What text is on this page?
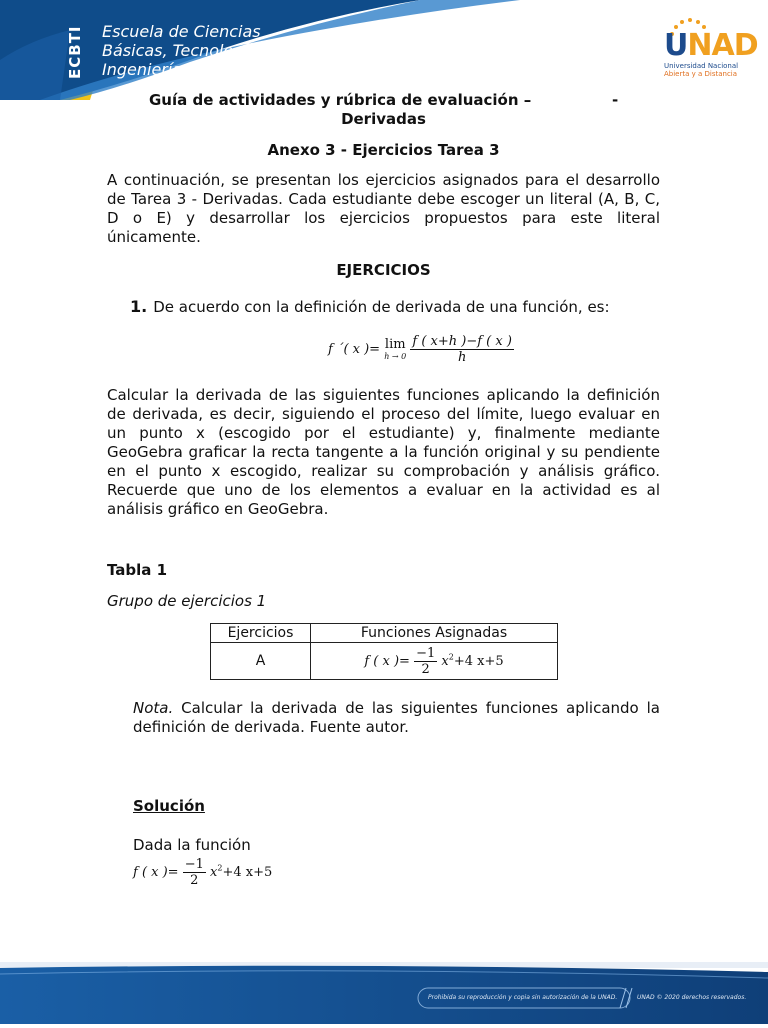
ECBTI	Escuela de Ciencias
Básicas, Tecnología e
Ingeniería
UNAD
Universidad Nacional
Abierta y a Distancia
Guía de actividades y rúbrica de evaluación –	-
Derivadas
Anexo 3 - Ejercicios Tarea 3
A continuación, se presentan los ejercicios asignados para el desarrollo de Tarea 3 - Derivadas. Cada estudiante debe escoger un literal (A, B, C, D o E) y desarrollar los ejercicios propuestos para este literal únicamente.
EJERCICIOS
1. De acuerdo con la definición de derivada de una función, es:
f ´( x )= lim
h → 0
$\frac{f ( x+h )-f ( x )}{h}$
Calcular la derivada de las siguientes funciones aplicando la definición de derivada, es decir, siguiendo el proceso del límite, luego evaluar en un punto x (escogido por el estudiante) y, finalmente mediante GeoGebra graficar la recta tangente a la función original y su pendiente en el punto x escogido, realizar su comprobación y análisis gráfico. Recuerde que uno de los elementos a evaluar en la actividad es al análisis gráfico en GeoGebra.
Tabla 1
Grupo de ejercicios 1
Ejercicios	Funciones Asignadas
A	f ( x )= $\frac{-1}{2} x^2+4$ x+5
Nota. Calcular la derivada de las siguientes funciones aplicando la definición de derivada. Fuente autor.
Solución
Dada la función
f ( x )= $\frac{-1}{2} x^2+4$ x+5
Prohibida su reproducción y copia sin autorización de la UNAD.	UNAD © 2020 derechos reservados.
